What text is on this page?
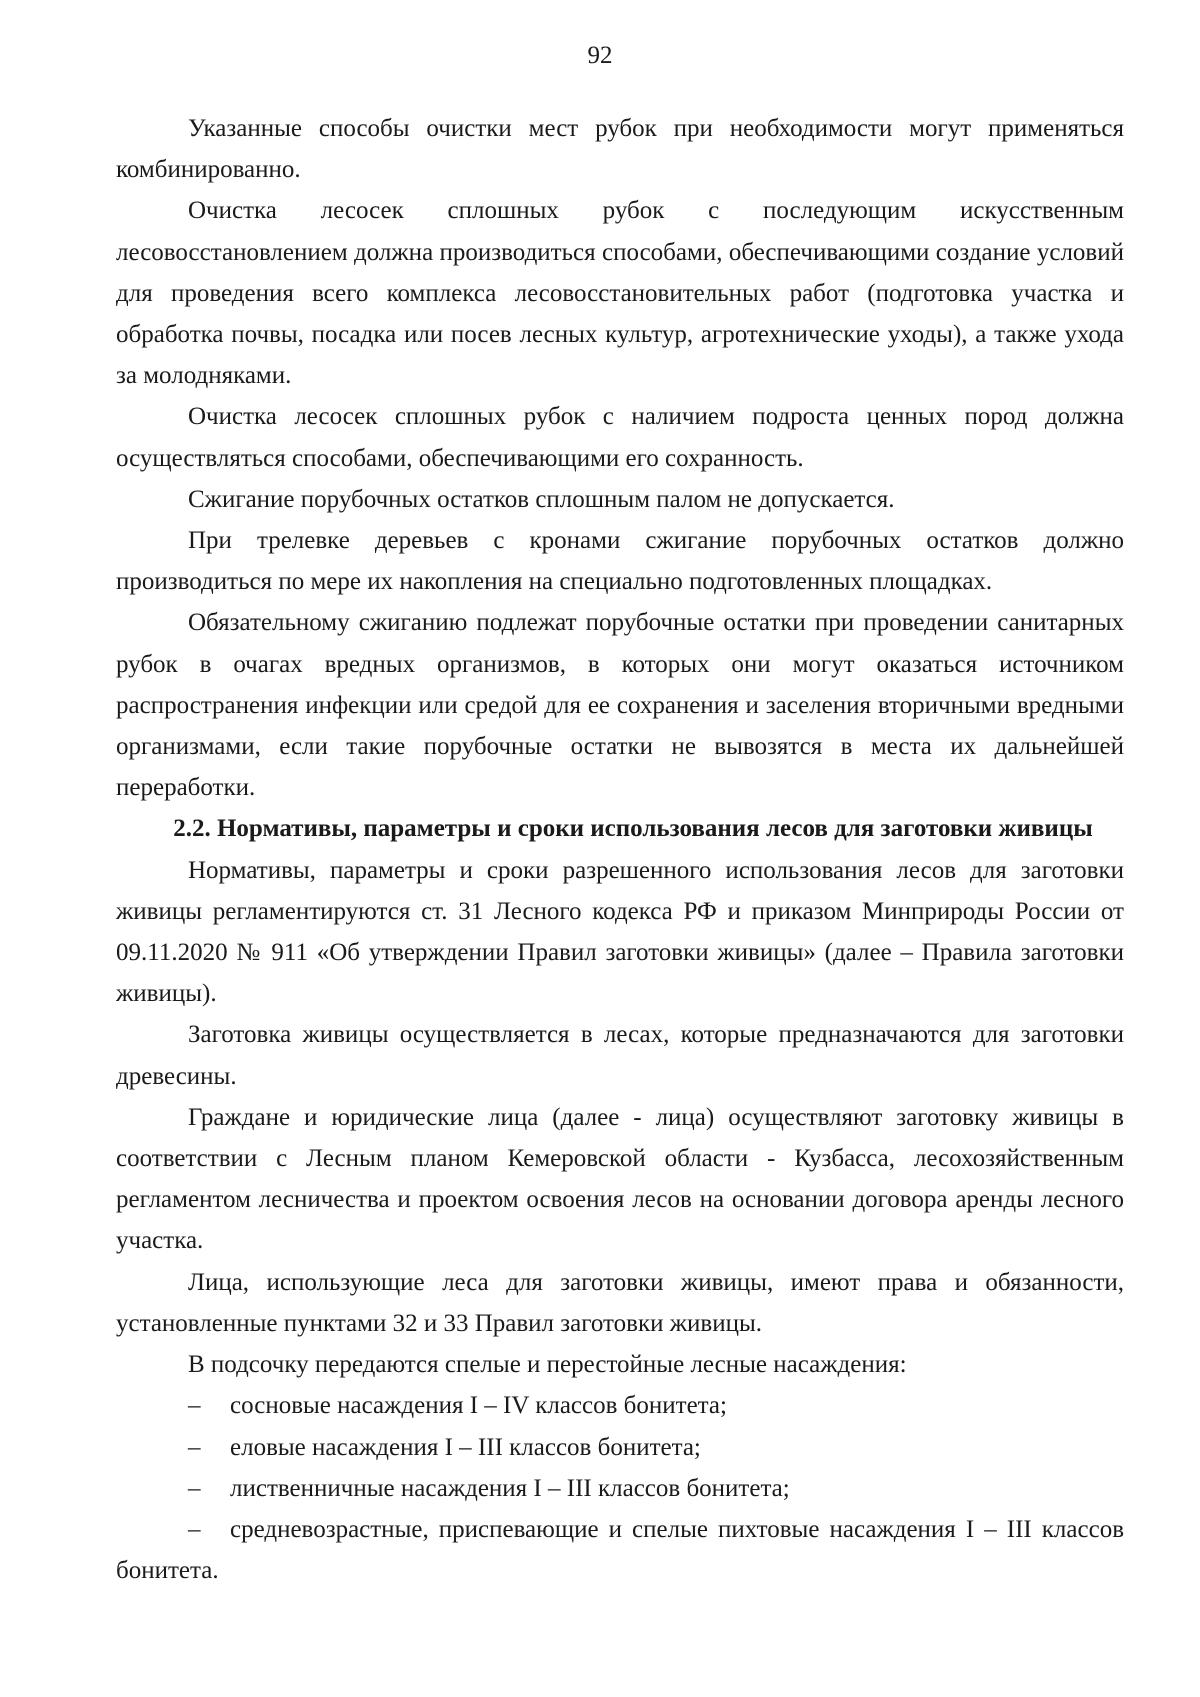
92

Указанные способы очистки мест рубок при необходимости могут применяться комбинированно.

Очистка лесосек сплошных рубок с последующим искусственным лесовосстановлением должна производиться способами, обеспечивающими создание условий для проведения всего комплекса лесовосстановительных работ (подготовка участка и обработка почвы, посадка или посев лесных культур, агротехнические уходы), а также ухода за молодняками.

Очистка лесосек сплошных рубок с наличием подроста ценных пород должна осуществляться способами, обеспечивающими его сохранность.

Сжигание порубочных остатков сплошным палом не допускается.

При трелевке деревьев с кронами сжигание порубочных остатков должно производиться по мере их накопления на специально подготовленных площадках.

Обязательному сжиганию подлежат порубочные остатки при проведении санитарных рубок в очагах вредных организмов, в которых они могут оказаться источником распространения инфекции или средой для ее сохранения и заселения вторичными вредными организмами, если такие порубочные остатки не вывозятся в места их дальнейшей переработки.

2.2. Нормативы, параметры и сроки использования лесов для заготовки живицы

Нормативы, параметры и сроки разрешенного использования лесов для заготовки живицы регламентируются ст. 31 Лесного кодекса РФ и приказом Минприроды России от 09.11.2020 № 911 «Об утверждении Правил заготовки живицы» (далее – Правила заготовки живицы).

Заготовка живицы осуществляется в лесах, которые предназначаются для заготовки древесины.

Граждане и юридические лица (далее - лица) осуществляют заготовку живицы в соответствии с Лесным планом Кемеровской области - Кузбасса, лесохозяйственным регламентом лесничества и проектом освоения лесов на основании договора аренды лесного участка.

Лица, использующие леса для заготовки живицы, имеют права и обязанности, установленные пунктами 32 и 33 Правил заготовки живицы.

В подсочку передаются спелые и перестойные лесные насаждения:

– сосновые насаждения I – IV классов бонитета;

– еловые насаждения I – III классов бонитета;

– лиственничные насаждения I – III классов бонитета;

– средневозрастные, приспевающие и спелые пихтовые насаждения I – III классов бонитета.
